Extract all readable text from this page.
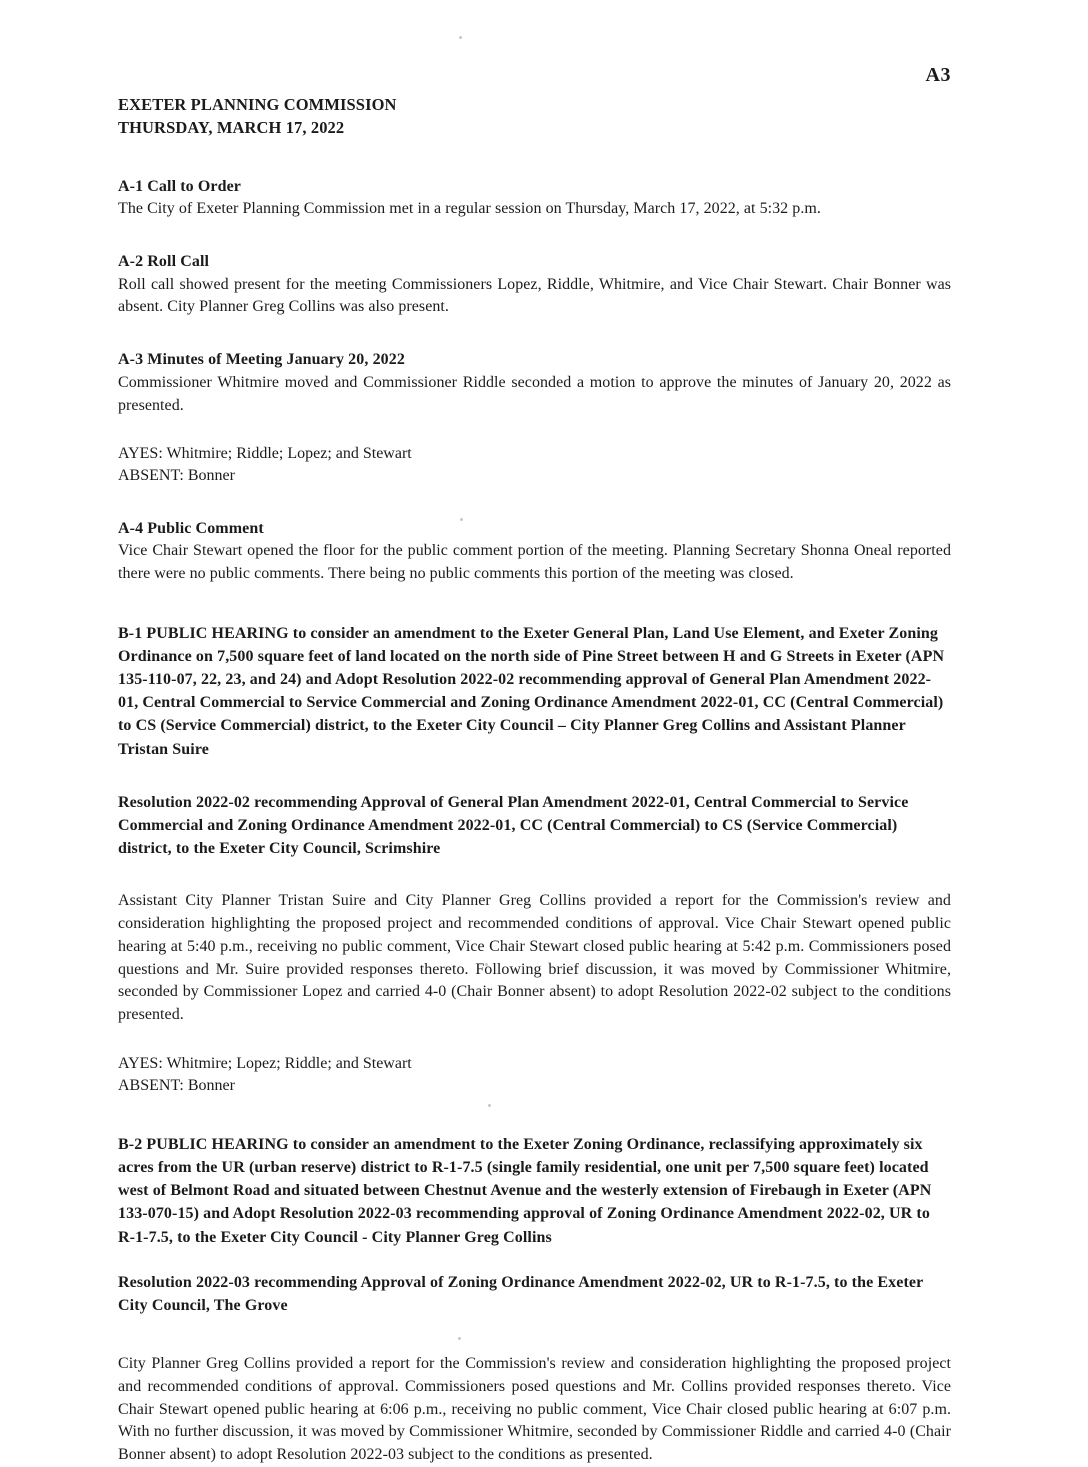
A3
EXETER PLANNING COMMISSION
THURSDAY, MARCH 17, 2022
A-1 Call to Order

The City of Exeter Planning Commission met in a regular session on Thursday, March 17, 2022, at 5:32 p.m.

A-2 Roll Call

Roll call showed present for the meeting Commissioners Lopez, Riddle, Whitmire, and Vice Chair Stewart. Chair Bonner was absent. City Planner Greg Collins was also present.

A-3 Minutes of Meeting January 20, 2022

Commissioner Whitmire moved and Commissioner Riddle seconded a motion to approve the minutes of January 20, 2022 as presented.

AYES: Whitmire; Riddle; Lopez; and Stewart
ABSENT: Bonner
A-4 Public Comment

Vice Chair Stewart opened the floor for the public comment portion of the meeting. Planning Secretary Shonna Oneal reported there were no public comments. There being no public comments this portion of the meeting was closed.

B-1 PUBLIC HEARING to consider an amendment to the Exeter General Plan, Land Use Element, and Exeter Zoning Ordinance on 7,500 square feet of land located on the north side of Pine Street between H and G Streets in Exeter (APN 135-110-07, 22, 23, and 24) and Adopt Resolution 2022-02 recommending approval of General Plan Amendment 2022-01, Central Commercial to Service Commercial and Zoning Ordinance Amendment 2022-01, CC (Central Commercial) to CS (Service Commercial) district, to the Exeter City Council – City Planner Greg Collins and Assistant Planner Tristan Suire

Resolution 2022-02 recommending Approval of General Plan Amendment 2022-01, Central Commercial to Service Commercial and Zoning Ordinance Amendment 2022-01, CC (Central Commercial) to CS (Service Commercial) district, to the Exeter City Council, Scrimshire

Assistant City Planner Tristan Suire and City Planner Greg Collins provided a report for the Commission's review and consideration highlighting the proposed project and recommended conditions of approval. Vice Chair Stewart opened public hearing at 5:40 p.m., receiving no public comment, Vice Chair Stewart closed public hearing at 5:42 p.m. Commissioners posed questions and Mr. Suire provided responses thereto. Following brief discussion, it was moved by Commissioner Whitmire, seconded by Commissioner Lopez and carried 4-0 (Chair Bonner absent) to adopt Resolution 2022-02 subject to the conditions presented.

AYES: Whitmire; Lopez; Riddle; and Stewart
ABSENT: Bonner

B-2 PUBLIC HEARING to consider an amendment to the Exeter Zoning Ordinance, reclassifying approximately six acres from the UR (urban reserve) district to R-1-7.5 (single family residential, one unit per 7,500 square feet) located west of Belmont Road and situated between Chestnut Avenue and the westerly extension of Firebaugh in Exeter (APN 133-070-15) and Adopt Resolution 2022-03 recommending approval of Zoning Ordinance Amendment 2022-02, UR to R-1-7.5, to the Exeter City Council - City Planner Greg Collins

Resolution 2022-03 recommending Approval of Zoning Ordinance Amendment 2022-02, UR to R-1-7.5, to the Exeter City Council, The Grove

City Planner Greg Collins provided a report for the Commission's review and consideration highlighting the proposed project and recommended conditions of approval. Commissioners posed questions and Mr. Collins provided responses thereto. Vice Chair Stewart opened public hearing at 6:06 p.m., receiving no public comment, Vice Chair closed public hearing at 6:07 p.m. With no further discussion, it was moved by Commissioner Whitmire, seconded by Commissioner Riddle and carried 4-0 (Chair Bonner absent) to adopt Resolution 2022-03 subject to the conditions as presented.
